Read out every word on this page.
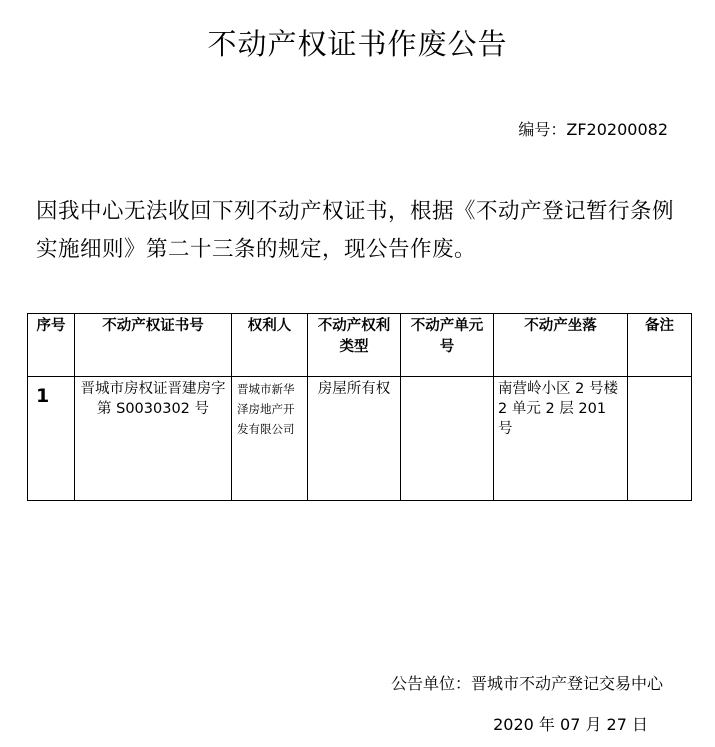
不动产权证书作废公告
编号：ZF20200082
因我中心无法收回下列不动产权证书，根据《不动产登记暂行条例实施细则》第二十三条的规定，现公告作废。
序号	不动产权证书号	权利人	不动产权利类型	不动产单元号	不动产坐落	备注
1	晋城市房权证晋建房字第 S0030302 号	晋城市新华泽房地产开发有限公司	房屋所有权		南营岭小区 2 号楼 2 单元 2 层 201 号	
公告单位：晋城市不动产登记交易中心
2020 年 07 月 27 日
